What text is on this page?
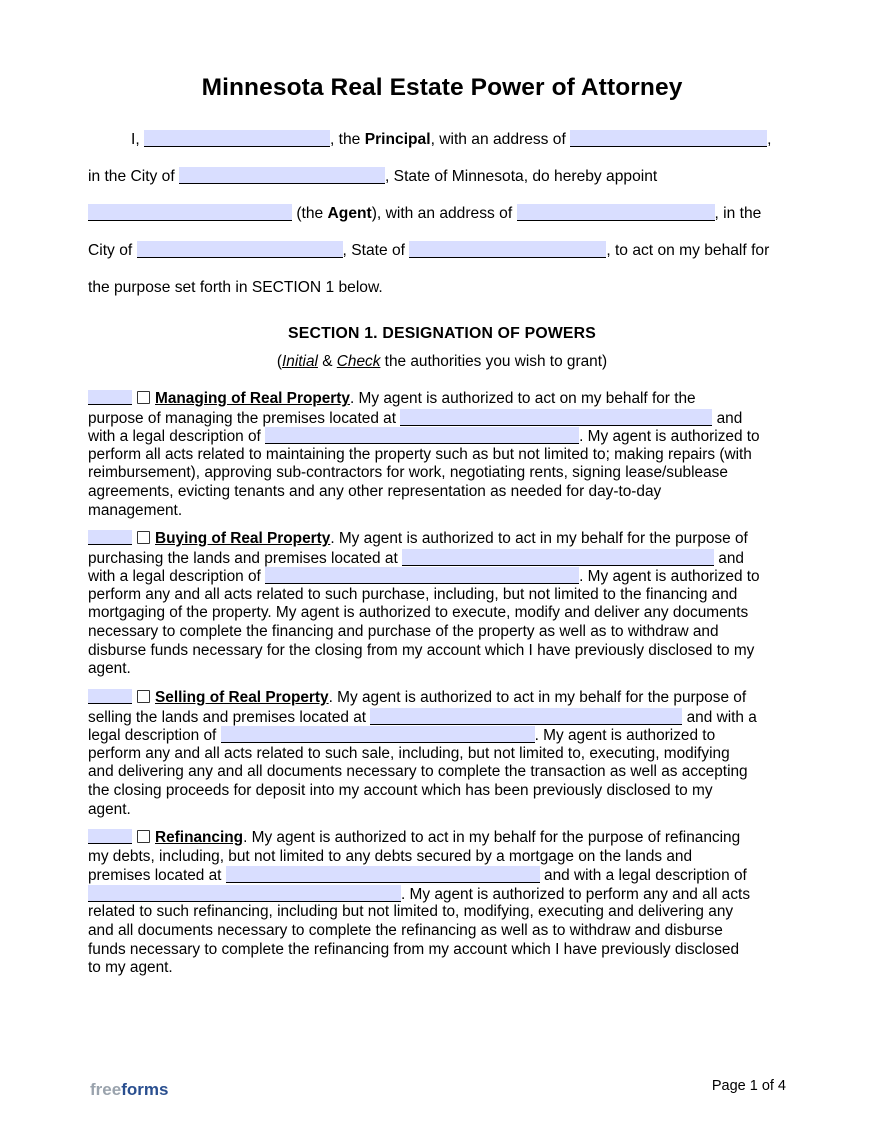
Minnesota Real Estate Power of Attorney
I,	, the Principal, with an address of	,
in the City of	, State of Minnesota, do hereby appoint
(the Agent), with an address of	, in the
City of	, State of	, to act on my behalf for
the purpose set forth in SECTION 1 below.
SECTION 1. DESIGNATION OF POWERS
(Initial & Check the authorities you wish to grant)
Managing of Real Property. My agent is authorized to act on my behalf for the
purpose of managing the premises located at	and
with a legal description of	. My agent is authorized to
perform all acts related to maintaining the property such as but not limited to; making repairs (with
reimbursement), approving sub-contractors for work, negotiating rents, signing lease/sublease
agreements, evicting tenants and any other representation as needed for day-to-day
management.
Buying of Real Property. My agent is authorized to act in my behalf for the purpose of
purchasing the lands and premises located at	and
with a legal description of	. My agent is authorized to
perform any and all acts related to such purchase, including, but not limited to the financing and
mortgaging of the property. My agent is authorized to execute, modify and deliver any documents
necessary to complete the financing and purchase of the property as well as to withdraw and
disburse funds necessary for the closing from my account which I have previously disclosed to my
agent.
Selling of Real Property. My agent is authorized to act in my behalf for the purpose of
selling the lands and premises located at	and with a
legal description of	. My agent is authorized to
perform any and all acts related to such sale, including, but not limited to, executing, modifying
and delivering any and all documents necessary to complete the transaction as well as accepting
the closing proceeds for deposit into my account which has been previously disclosed to my
agent.
Refinancing. My agent is authorized to act in my behalf for the purpose of refinancing
my debts, including, but not limited to any debts secured by a mortgage on the lands and
premises located at	and with a legal description of
. My agent is authorized to perform any and all acts
related to such refinancing, including but not limited to, modifying, executing and delivering any
and all documents necessary to complete the refinancing as well as to withdraw and disburse
funds necessary to complete the refinancing from my account which I have previously disclosed
to my agent.
freeforms	Page 1 of 4
